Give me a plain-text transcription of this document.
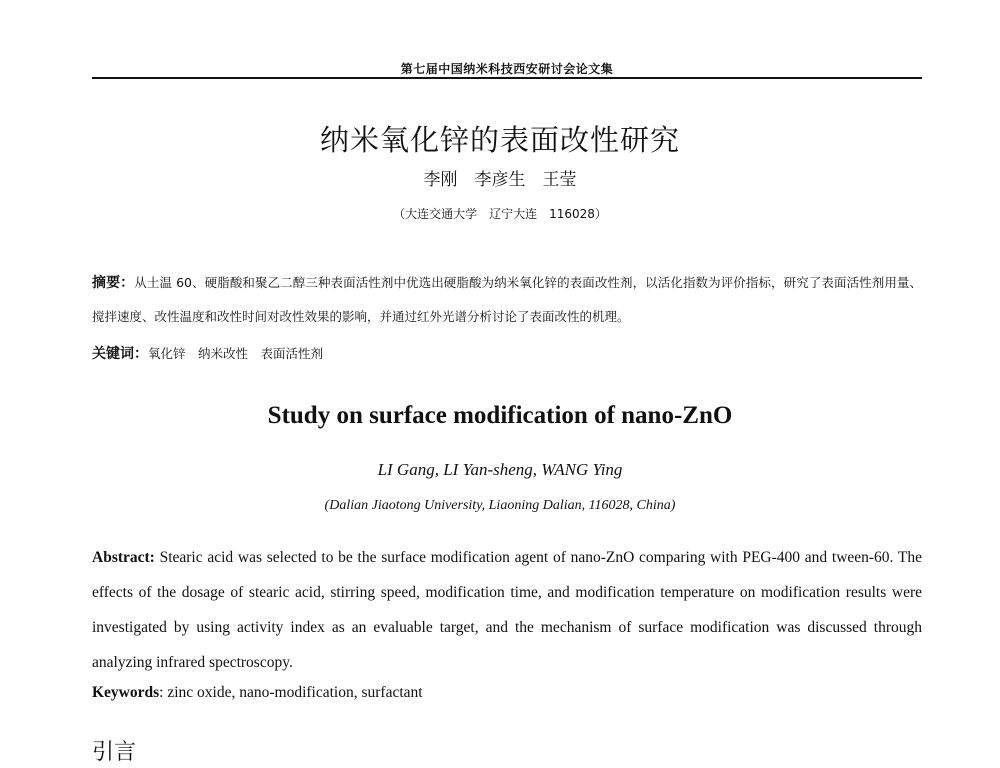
第七届中国纳米科技西安研讨会论文集
纳米氧化锌的表面改性研究
李刚　李彦生　王莹
（大连交通大学　辽宁大连　116028）
摘要：从土温 60、硬脂酸和聚乙二醇三种表面活性剂中优选出硬脂酸为纳米氧化锌的表面改性剂，以活化指数为评价指标，研究了表面活性剂用量、搅拌速度、改性温度和改性时间对改性效果的影响，并通过红外光谱分析讨论了表面改性的机理。
关键词：氧化锌　纳米改性　表面活性剂
Study on surface modification of nano-ZnO
LI Gang, LI Yan-sheng, WANG Ying
(Dalian Jiaotong University, Liaoning Dalian, 116028, China)
Abstract: Stearic acid was selected to be the surface modification agent of nano-ZnO comparing with PEG-400 and tween-60. The effects of the dosage of stearic acid, stirring speed, modification time, and modification temperature on modification results were investigated by using activity index as an evaluable target, and the mechanism of surface modification was discussed through analyzing infrared spectroscopy.
Keywords: zinc oxide, nano-modification, surfactant
引言
